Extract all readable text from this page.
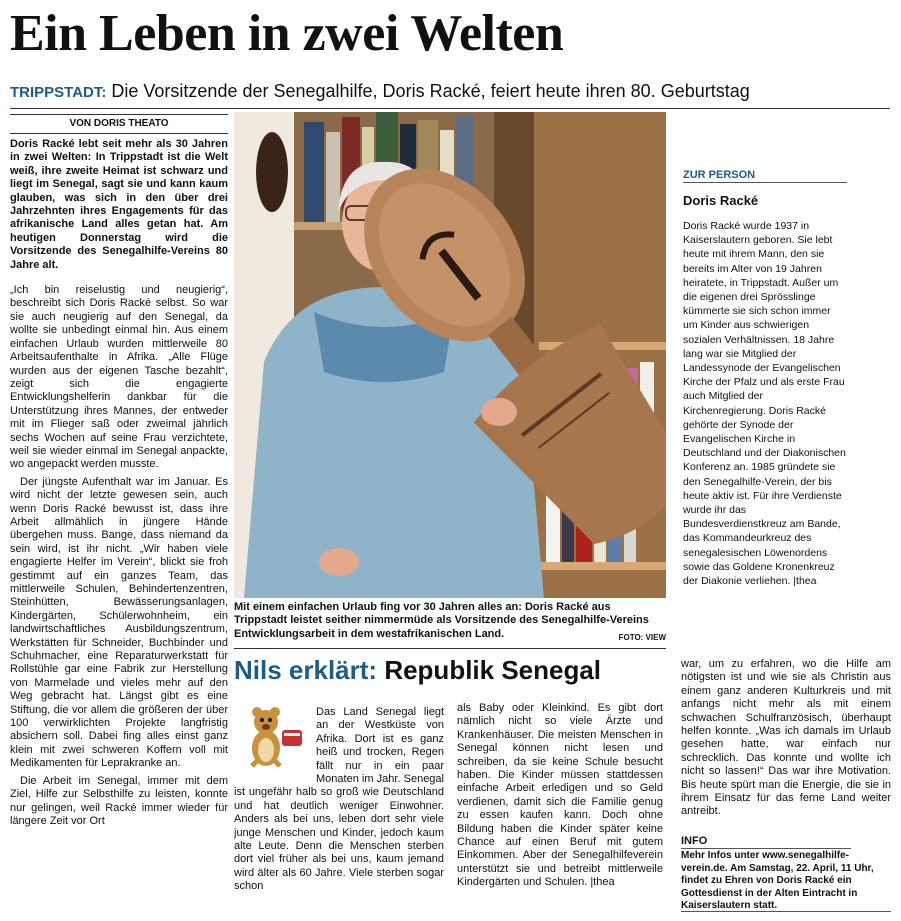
Ein Leben in zwei Welten
TRIPPSTADT: Die Vorsitzende der Senegalhilfe, Doris Racké, feiert heute ihren 80. Geburtstag
VON DORIS THEATO

Doris Racké lebt seit mehr als 30 Jahren in zwei Welten: In Trippstadt ist die Welt weiß, ihre zweite Heimat ist schwarz und liegt im Senegal, sagt sie und kann kaum glauben, was sich in den über drei Jahrzehnten ihres Engagements für das afrikanische Land alles getan hat. Am heutigen Donnerstag wird die Vorsitzende des Senegalhilfe-Vereins 80 Jahre alt.

„Ich bin reiselustig und neugierig“, beschreibt sich Doris Racké selbst. So war sie auch neugierig auf den Senegal, da wollte sie unbedingt einmal hin. Aus einem einfachen Urlaub wurden mittlerweile 80 Arbeitsaufenthalte in Afrika. „Alle Flüge wurden aus der eigenen Tasche bezahlt“, zeigt sich die engagierte Entwicklungshelferin dankbar für die Unterstützung ihres Mannes, der entweder mit im Flieger saß oder zweimal jährlich sechs Wochen auf seine Frau verzichtete, weil sie wieder einmal im Senegal anpackte, wo angepackt werden musste.

Der jüngste Aufenthalt war im Januar. Es wird nicht der letzte gewesen sein, auch wenn Doris Racké bewusst ist, dass ihre Arbeit allmählich in jüngere Hände übergehen muss. Bange, dass niemand da sein wird, ist ihr nicht. „Wir haben viele engagierte Helfer im Verein“, blickt sie froh gestimmt auf ein ganzes Team, das mittlerweile Schulen, Behindertenzentren, Steinhütten, Bewässerungsanlagen, Kindergärten, Schülerwohnheim, ein landwirtschaftliches Ausbildungszentrum, Werkstätten für Schneider, Buchbinder und Schuhmacher, eine Reparaturwerkstatt für Rollstühle gar eine Fabrik zur Herstellung von Marmelade und vieles mehr auf den Weg gebracht hat. Längst gibt es eine Stiftung, die vor allem die größeren der über 100 verwirklichten Projekte langfristig absichern soll. Dabei fing alles einst ganz klein mit zwei schweren Koffern voll mit Medikamenten für Leprakranke an.

Die Arbeit im Senegal, immer mit dem Ziel, Hilfe zur Selbsthilfe zu leisten, konnte nur gelingen, weil Racké immer wieder für längere Zeit vor Ort

Mit einem einfachen Urlaub fing vor 30 Jahren alles an: Doris Racké aus Trippstadt leistet seither nimmermüde als Vorsitzende des Senegalhilfe-Vereins Entwicklungsarbeit in dem westafrikanischen Land.	FOTO: VIEW
ZUR PERSON
Doris Racké
Doris Racké wurde 1937 in Kaiserslautern geboren. Sie lebt heute mit ihrem Mann, den sie bereits im Alter von 19 Jahren heiratete, in Trippstadt. Außer um die eigenen drei Sprösslinge kümmerte sie sich schon immer um Kinder aus schwierigen sozialen Verhältnissen. 18 Jahre lang war sie Mitglied der Landessynode der Evangelischen Kirche der Pfalz und als erste Frau auch Mitglied der Kirchenregierung. Doris Racké gehörte der Synode der Evangelischen Kirche in Deutschland und der Diakonischen Konferenz an. 1985 gründete sie den Senegalhilfe-Verein, der bis heute aktiv ist. Für ihre Verdienste wurde ihr das Bundesverdienstkreuz am Bande, das Kommandeurkreuz des senegalesischen Löwenordens sowie das Goldene Kronenkreuz der Diakonie verliehen. |thea
Nils erklärt: Republik Senegal

Das Land Senegal liegt an der Westküste von Afrika. Dort ist es ganz heiß und trocken, Regen fällt nur in ein paar Monaten im Jahr. Senegal ist ungefähr halb so groß wie Deutschland und hat deutlich weniger Einwohner. Anders als bei uns, leben dort sehr viele junge Menschen und Kinder, jedoch kaum alte Leute. Denn die Menschen sterben dort viel früher als bei uns, kaum jemand wird älter als 60 Jahre. Viele sterben sogar schon

als Baby oder Kleinkind. Es gibt dort nämlich nicht so viele Ärzte und Krankenhäuser. Die meisten Menschen in Senegal können nicht lesen und schreiben, da sie keine Schule besucht haben. Die Kinder müssen stattdessen einfache Arbeit erledigen und so Geld verdienen, damit sich die Familie genug zu essen kaufen kann. Doch ohne Bildung haben die Kinder später keine Chance auf einen Beruf mit gutem Einkommen. Aber der Senegalhilfeverein unterstützt sie und betreibt mittlerweile Kindergärten und Schulen. |thea

war, um zu erfahren, wo die Hilfe am nötigsten ist und wie sie als Christin aus einem ganz anderen Kulturkreis und mit anfangs nicht mehr als mit einem schwachen Schulfranzösisch, überhaupt helfen konnte. „Was ich damals im Urlaub gesehen hatte, war einfach nur schrecklich. Das konnte und wollte ich nicht so lassen!“ Das war ihre Motivation. Bis heute spürt man die Energie, die sie in ihrem Einsatz für das ferne Land weiter antreibt.

INFO
Mehr Infos unter www.senegalhilfe-verein.de. Am Samstag, 22. April, 11 Uhr, findet zu Ehren von Doris Racké ein Gottesdienst in der Alten Eintracht in Kaiserslautern statt.
